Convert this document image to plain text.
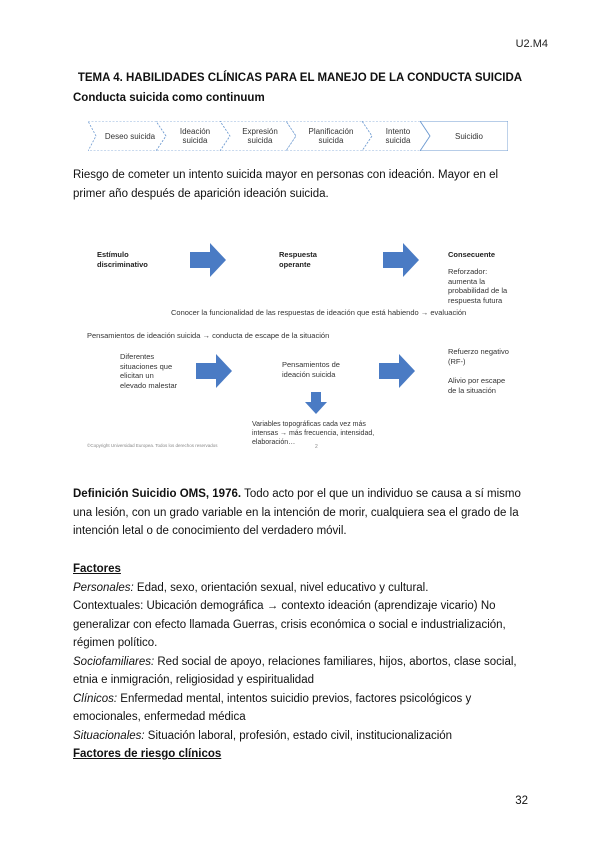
U2.M4
TEMA 4. HABILIDADES CLÍNICAS PARA EL MANEJO DE LA CONDUCTA SUICIDA
Conducta suicida como continuum
Deseo suicida	Ideación suicida
Expresión suicida
Planificación suicida
Intento suicida	Suicidio
Riesgo de cometer un intento suicida mayor en personas con ideación. Mayor en el primer año después de aparición ideación suicida.
Estímulo discriminativo
Respuesta operante
Consecuente
Reforzador: aumenta la probabilidad de la respuesta futura
Conocer la funcionalidad de las respuestas de ideación que está habiendo → evaluación
Pensamientos de ideación suicida → conducta de escape de la situación
Diferentes situaciones que elicitan un elevado malestar
Pensamientos de ideación suicida
Refuerzo negativo (RF-)
Alivio por escape de la situación
Variables topográficas cada vez más intensas → más frecuencia, intensidad, elaboración…
©Copyright Universidad Europea. Todos los derechos reservados	2
Definición Suicidio OMS, 1976. Todo acto por el que un individuo se causa a sí mismo una lesión, con un grado variable en la intención de morir, cualquiera sea el grado de la intención letal o de conocimiento del verdadero móvil.
Factores
Personales: Edad, sexo, orientación sexual, nivel educativo y cultural.
Contextuales: Ubicación demográfica → contexto ideación (aprendizaje vicario) No generalizar con efecto llamada Guerras, crisis económica o social e industrialización, régimen político.
Sociofamiliares: Red social de apoyo, relaciones familiares, hijos, abortos, clase social, etnia e inmigración, religiosidad y espiritualidad
Clínicos: Enfermedad mental, intentos suicidio previos, factores psicológicos y emocionales, enfermedad médica
Situacionales: Situación laboral, profesión, estado civil, institucionalización
Factores de riesgo clínicos
32
